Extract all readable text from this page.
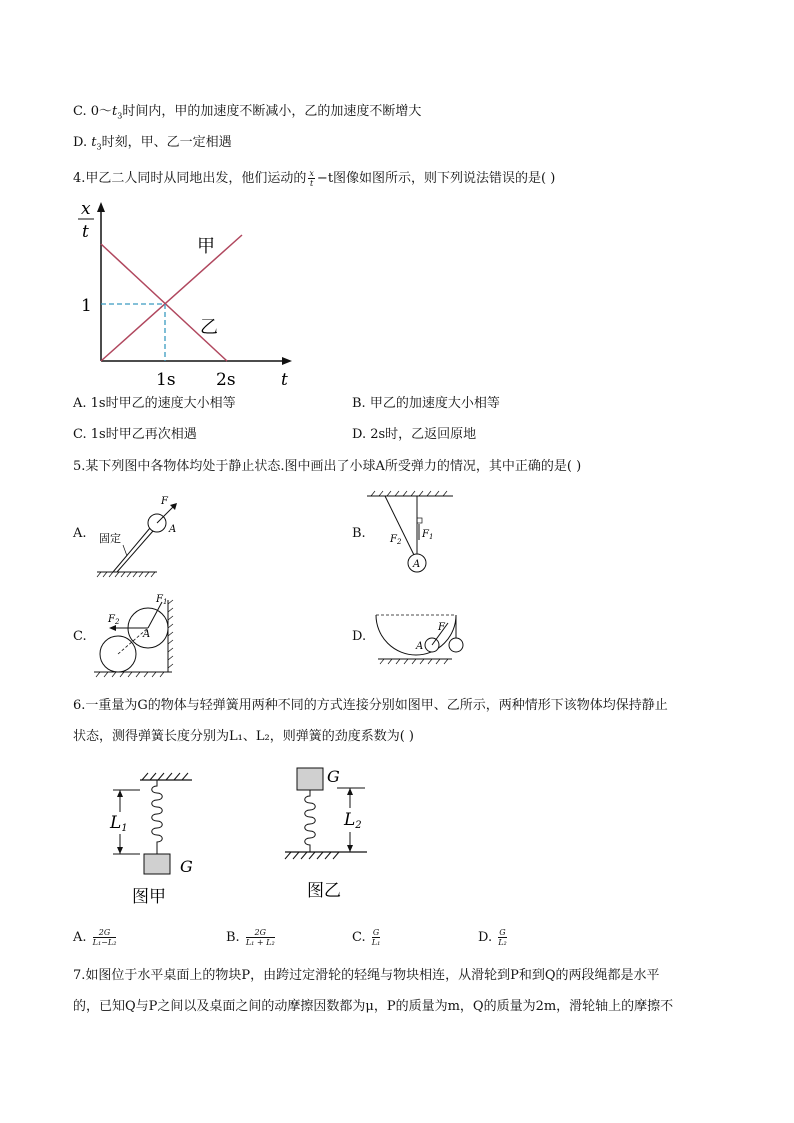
C. $0\sim t_3$时间内，甲的加速度不断减小，乙的加速度不断增大
D. $t_3$时刻，甲、乙一定相遇
4.甲乙二人同时从同地出发，他们运动的 $\frac{x}{t} -t$图像如图所示，则下列说法错误的是( )
x
t
1
1s 2s	t
甲
乙
A. 1s时甲乙的速度大小相等	B. 甲乙的加速度大小相等
C. 1s时甲乙再次相遇	D. 2s时，乙返回原地
5.某下列图中各物体均处于静止状态.图中画出了小球A所受弹力的情况，其中正确的是( )
A.	B.
C.	D.
固定
F
A	$F_1$
$F_2$
A
$F_1$
$F_2$
A
F
A
6.一重量为G的物体与轻弹簧用两种不同的方式连接分别如图甲、乙所示，两种情形下该物体均保持静止
状态，测得弹簧长度分别为L₁、L₂，则弹簧的劲度系数为( )
G
L1
图甲
G
L2
图乙
A. $\frac{2G}{\text{L₁−L₂}}$	B. $\frac{2G}{\text{L₁ + L₂}}$	C. $\frac{G}{\text{L₁}}$	D. $\frac{G}{\text{L₂}}$
7.如图位于水平桌面上的物块P，由跨过定滑轮的轻绳与物块相连，从滑轮到P和到Q的两段绳都是水平
的，已知Q与P之间以及桌面之间的动摩擦因数都为μ，P的质量为m，Q的质量为2m，滑轮轴上的摩擦不
